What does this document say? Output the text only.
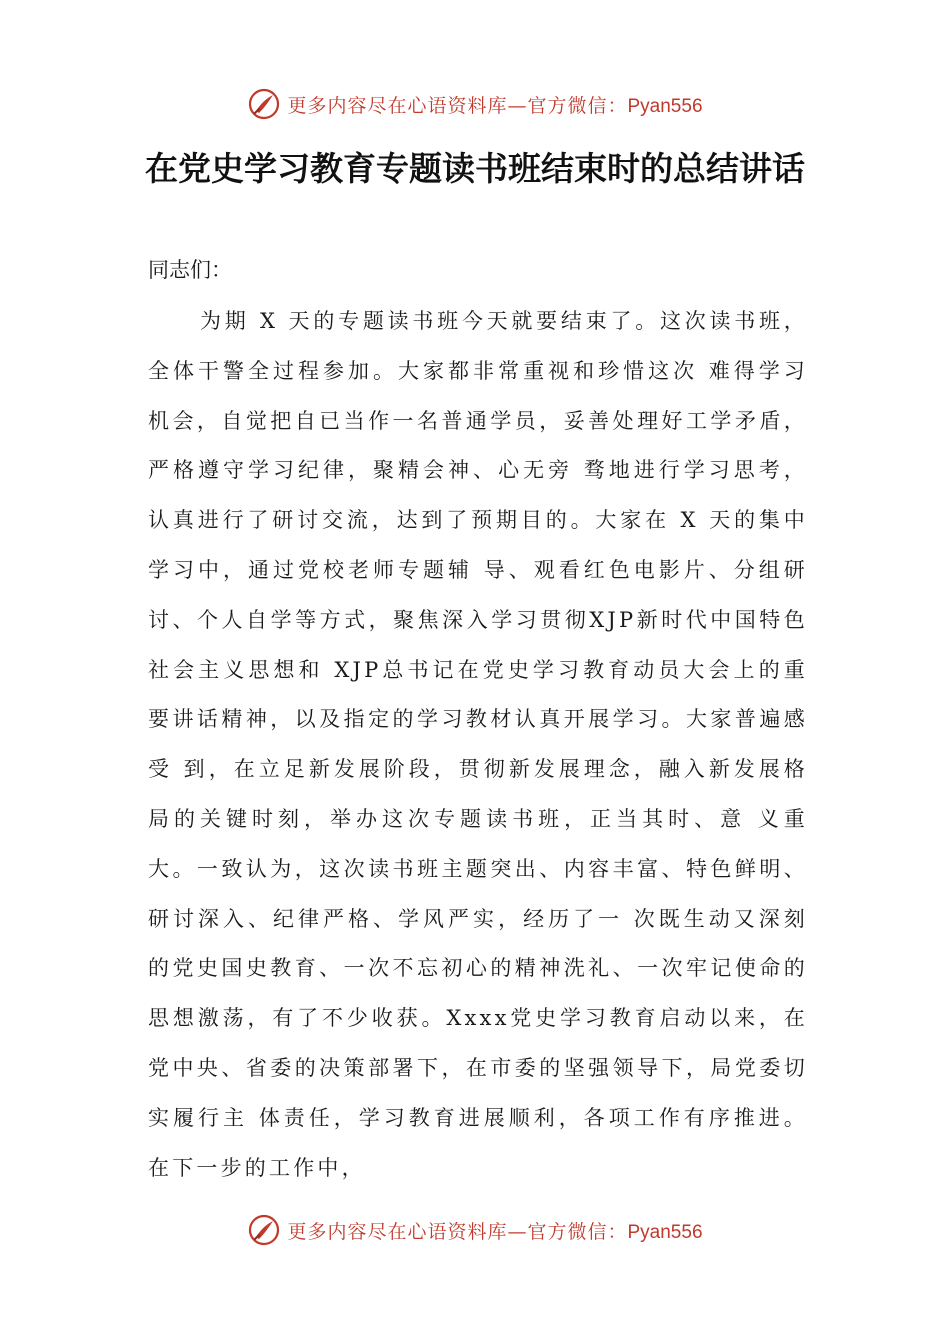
更多内容尽在心语资料库—官方微信：Pyan556
在党史学习教育专题读书班结束时的总结讲话

同志们：

为期 X 天的专题读书班今天就要结束了。这次读书班，全体干警全过程参加。大家都非常重视和珍惜这次 难得学习机会，自觉把自已当作一名普通学员，妥善处理好工学矛盾，严格遵守学习纪律，聚精会神、心无旁 骛地进行学习思考，认真进行了研讨交流，达到了预期目的。大家在 X 天的集中学习中，通过党校老师专题辅 导、观看红色电影片、分组研讨、个人自学等方式，聚焦深入学习贯彻XJP新时代中国特色社会主义思想和 XJP总书记在党史学习教育动员大会上的重要讲话精神，以及指定的学习教材认真开展学习。大家普遍感受 到，在立足新发展阶段，贯彻新发展理念，融入新发展格局的关键时刻，举办这次专题读书班，正当其时、意 义重大。一致认为，这次读书班主题突出、内容丰富、特色鲜明、研讨深入、纪律严格、学风严实，经历了一 次既生动又深刻的党史国史教育、一次不忘初心的精神洗礼、一次牢记使命的思想激荡，有了不少收获。Xxxx党史学习教育启动以来，在党中央、省委的决策部署下，在市委的坚强领导下，局党委切实履行主 体责任，学习教育进展顺利，各项工作有序推进。在下一步的工作中，

更多内容尽在心语资料库—官方微信：Pyan556
